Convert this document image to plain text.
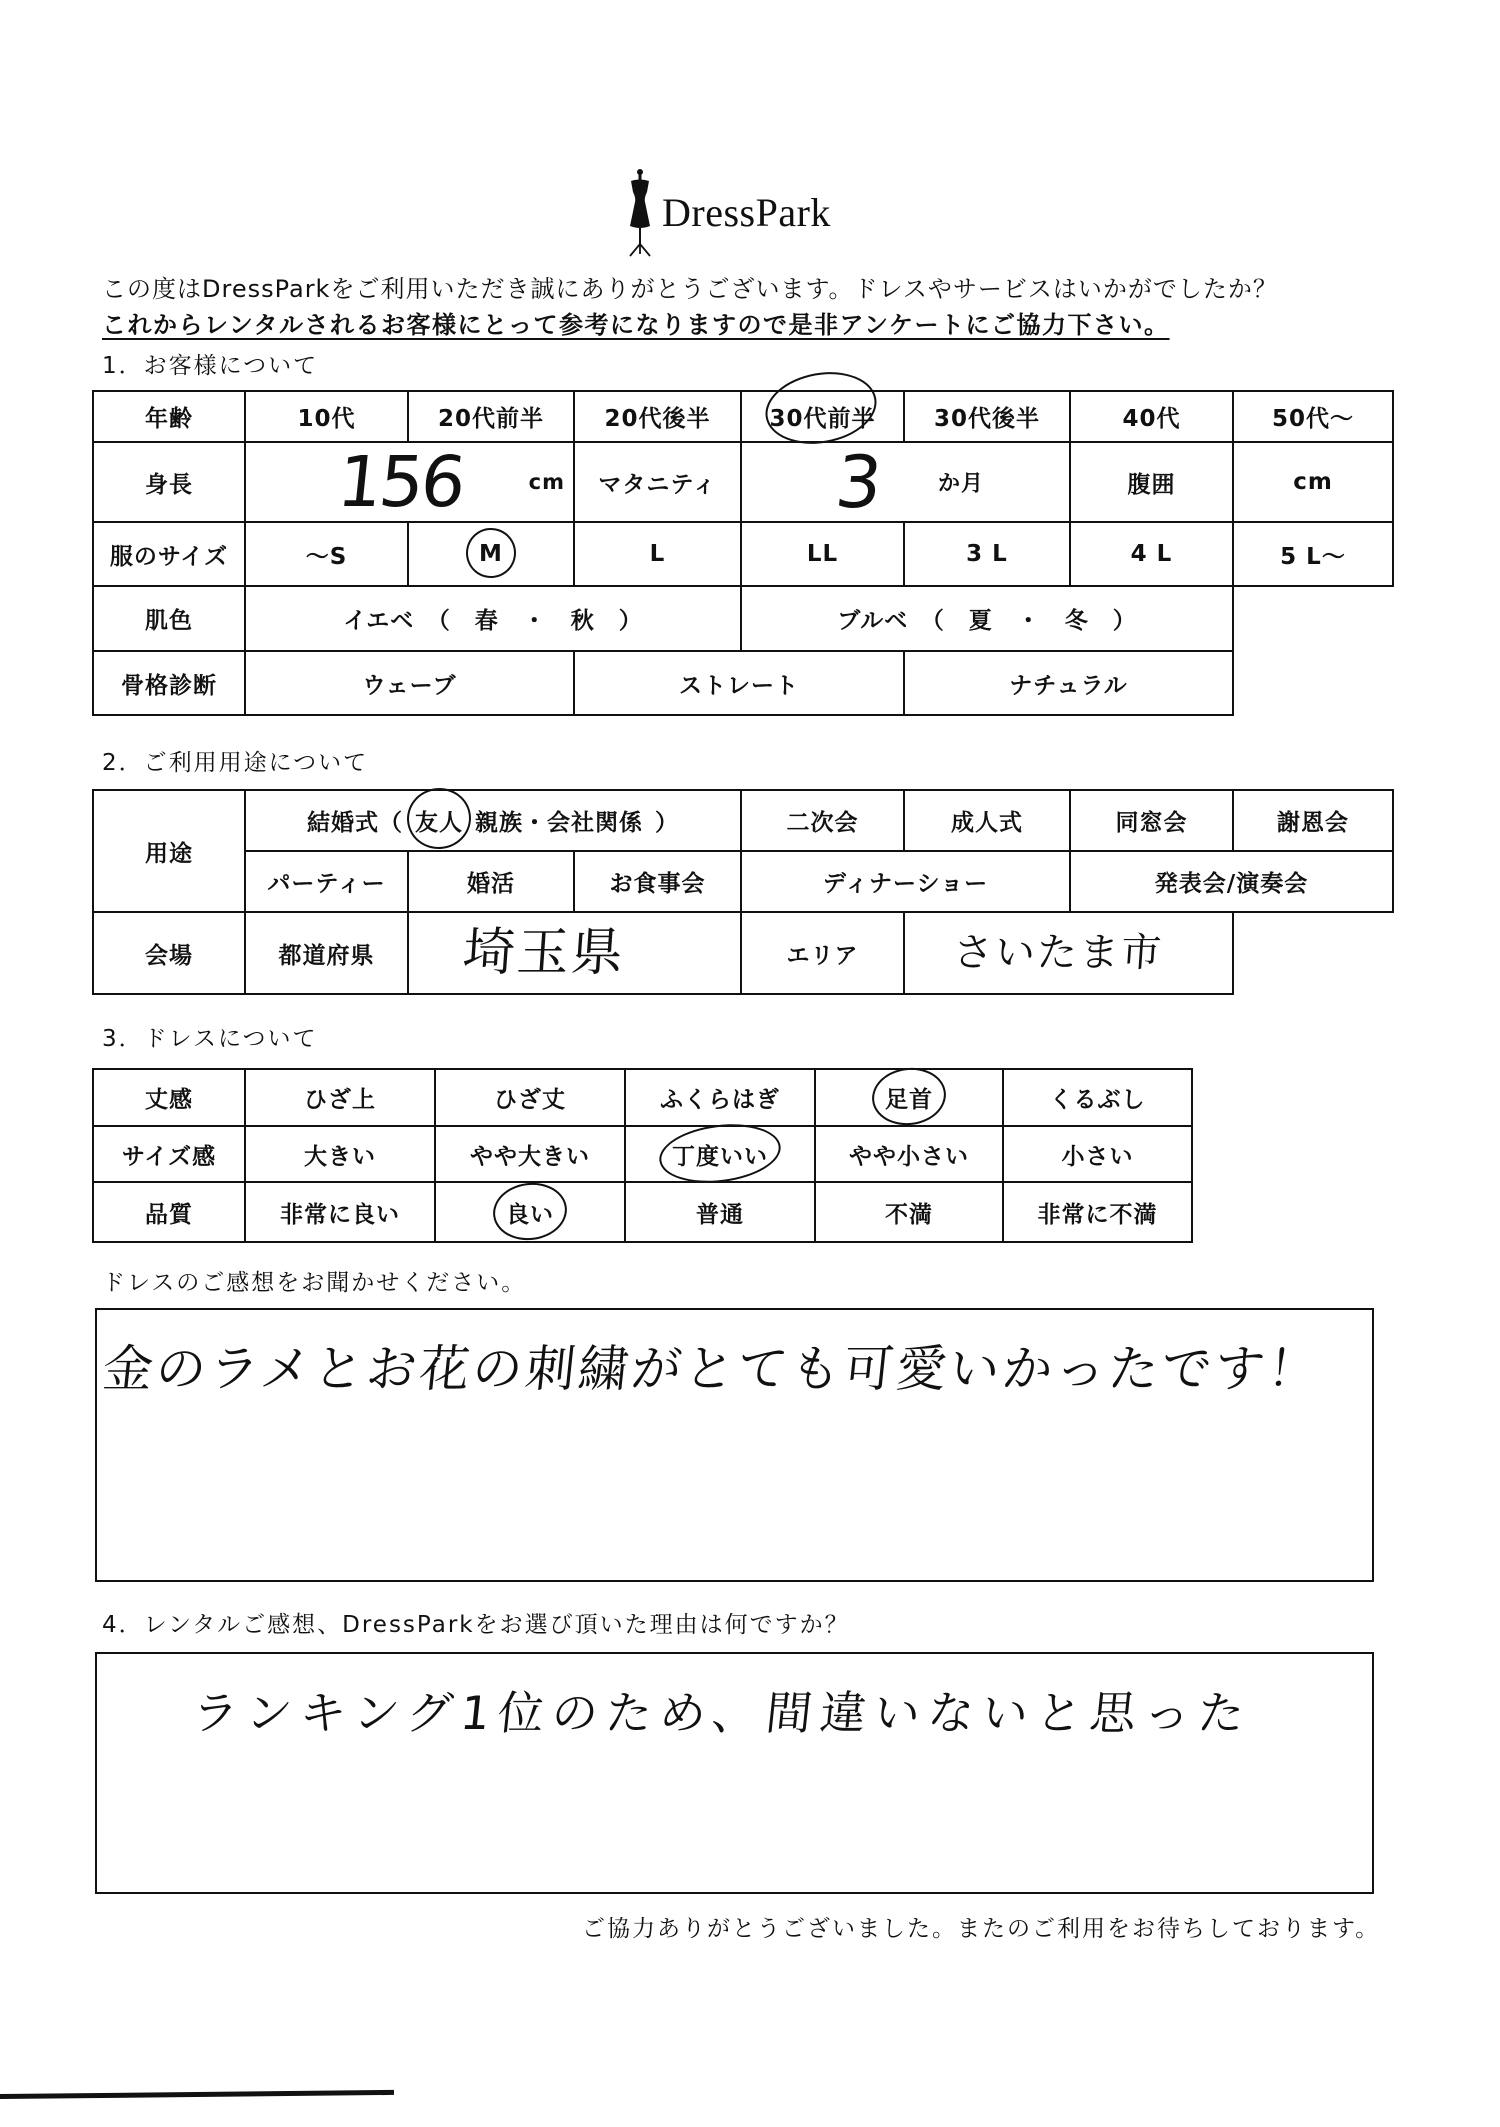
DressPark
この度はDressParkをご利用いただき誠にありがとうございます。ドレスやサービスはいかがでしたか？
これからレンタルされるお客様にとって参考になりますので是非アンケートにご協力下さい。
1．お客様について
年齢	10代	20代前半	20代後半	30代前半	30代後半	40代	50代～
身長	156	cm	マタニティ	3 か月	腹囲	cm
服のサイズ	～S	M	L	LL	3 L	4 L	5 L～
肌色	イエベ　（　春　・　秋　）	ブルベ　（　夏　・　冬　）
骨格診断	ウェーブ	ストレート	ナチュラル
2．ご利用用途について
用途
結婚式（ 友人 親族・会社関係 ）	二次会	成人式	同窓会	謝恩会
パーティー	婚活	お食事会	ディナーショー	発表会/演奏会
会場	都道府県	埼玉県	エリア	さいたま市
3．ドレスについて
丈感	ひざ上	ひざ丈	ふくらはぎ	足首	くるぶし
サイズ感	大きい	やや大きい	丁度いい	やや小さい	小さい
品質	非常に良い	良い	普通	不満	非常に不満
ドレスのご感想をお聞かせください。
金のラメとお花の刺繍がとても可愛いかったです！
4．レンタルご感想、DressParkをお選び頂いた理由は何ですか？
ランキング1位のため、間違いないと思った
ご協力ありがとうございました。またのご利用をお待ちしております。
